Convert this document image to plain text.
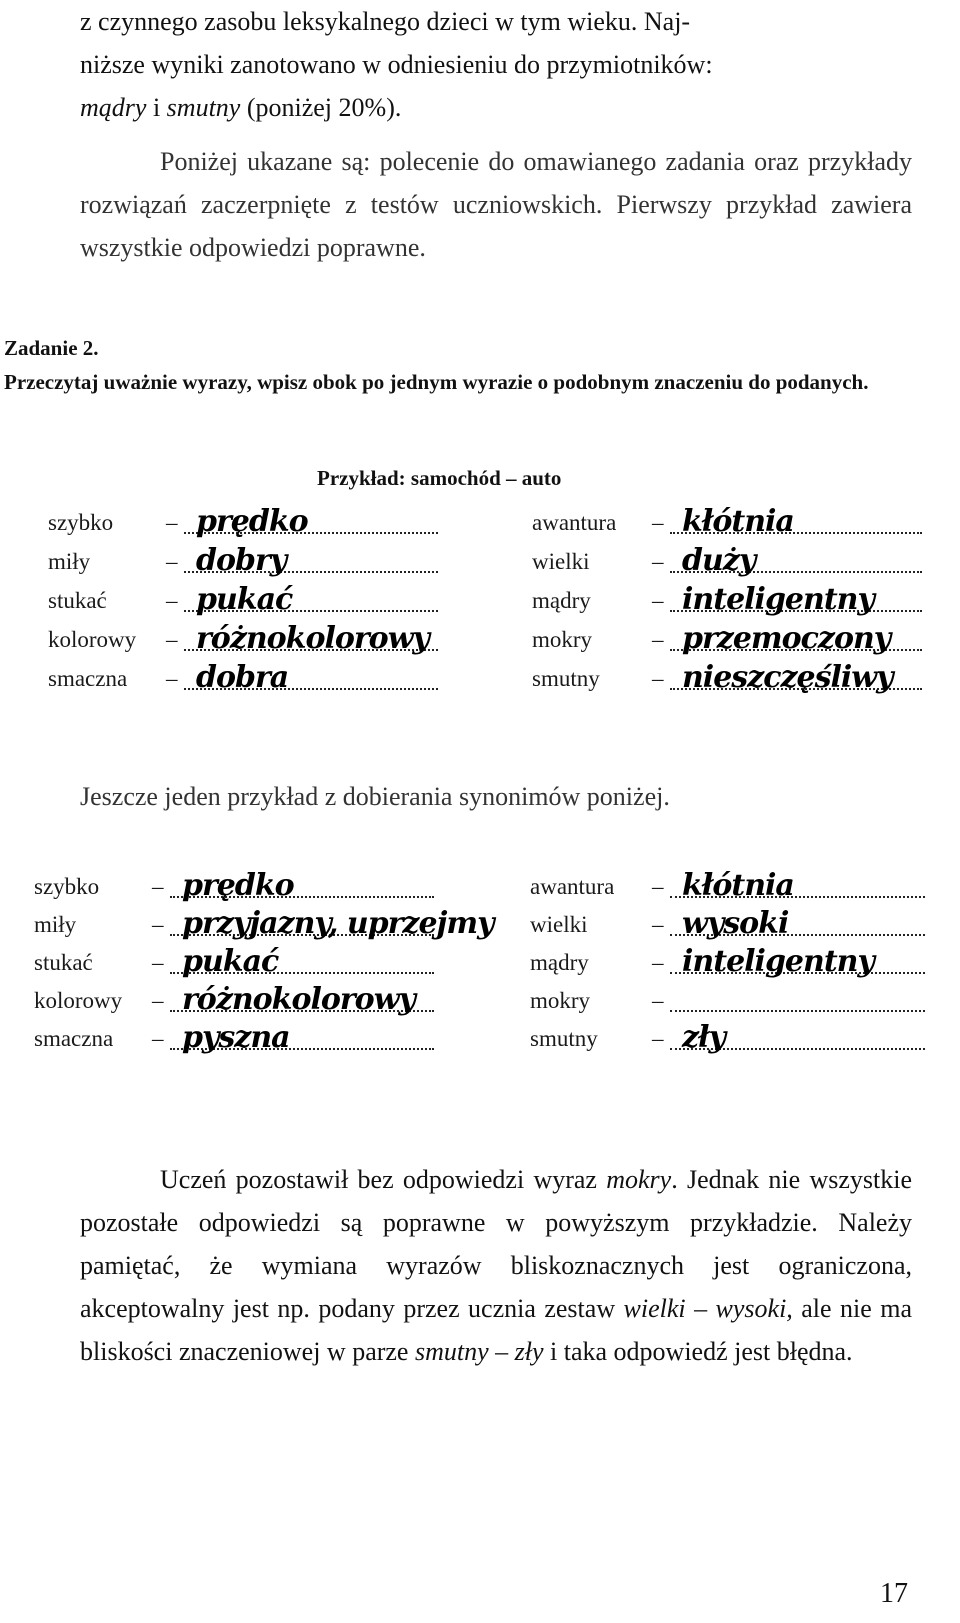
z czynnego zasobu leksykalnego dzieci w tym wieku. Naj-

niższe wyniki zanotowano w odniesieniu do przymiotników:

mądry i smutny (poniżej 20%).

Poniżej ukazane są: polecenie do omawianego zadania oraz przykłady rozwiązań zaczerpnięte z testów uczniowskich. Pierwszy przykład zawiera wszystkie odpowiedzi poprawne.

Zadanie 2.
Przeczytaj uważnie wyrazy, wpisz obok po jednym wyrazie o podobnym znaczeniu do podanych.
Przykład: samochód – auto
szybko – prędko
miły	– dobry
stukać	– pukać
kolorowy – różnokolorowy
smaczna – dobra
awantura – kłótnia
wielki	– duży
mądry	– inteligentny
mokry	– przemoczony
smutny – nieszczęśliwy

Jeszcze jeden przykład z dobierania synonimów poniżej.

szybko – prędko
miły	– przyjazny, uprzejmy
stukać	– pukać
kolorowy – różnokolorowy
smaczna – pyszna
awantura – kłótnia
wielki	– wysoki
mądry	– inteligentny
mokry	–
smutny – zły

Uczeń pozostawił bez odpowiedzi wyraz mokry. Jednak nie wszystkie pozostałe odpowiedzi są poprawne w powyższym przykładzie. Należy pamiętać, że wymiana wyrazów bliskoznacznych jest ograniczona, akceptowalny jest np. podany przez ucznia zestaw wielki – wysoki, ale nie ma bliskości znaczeniowej w parze smutny – zły i taka odpowiedź jest błędna.

17
